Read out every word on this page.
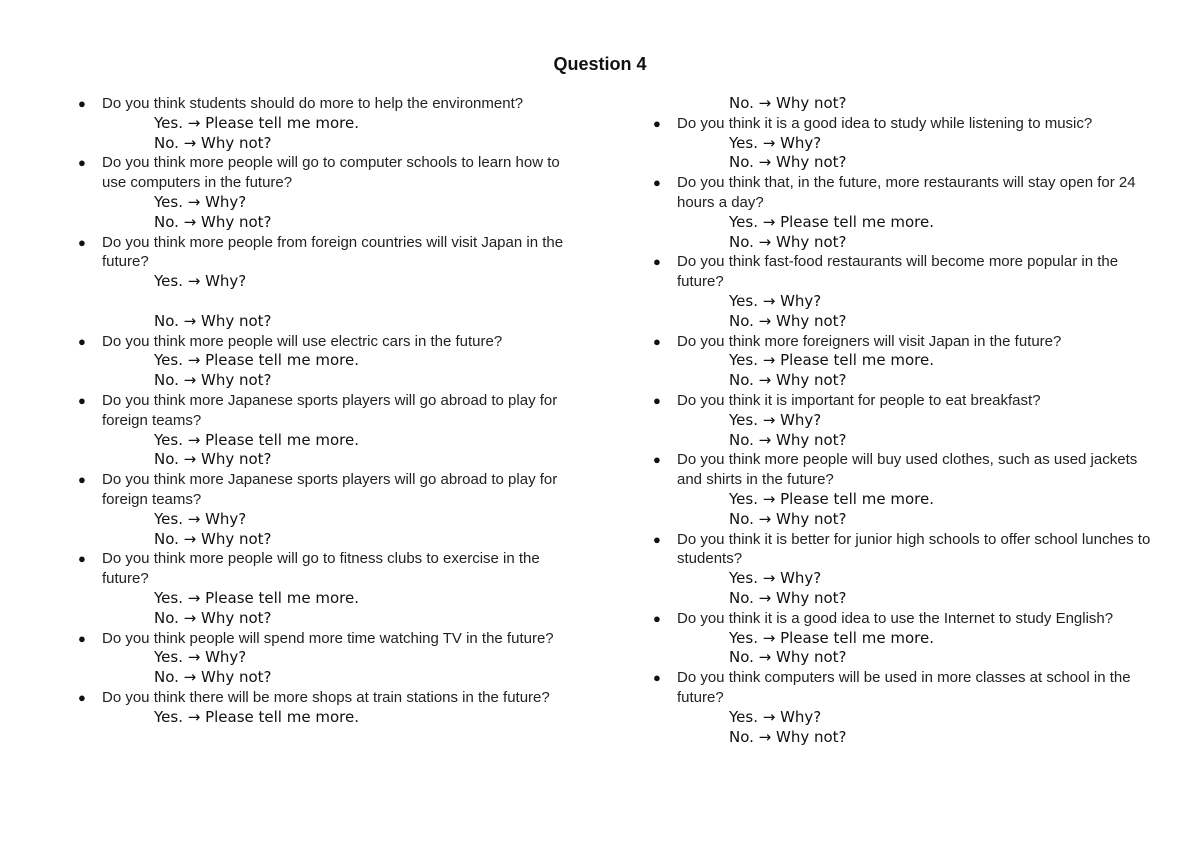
Question 4
● Do you think students should do more to help the environment?
Yes. → Please tell me more.
No. → Why not?
● Do you think more people will go to computer schools to learn how to use computers in the future?
Yes. → Why?
No. → Why not?
● Do you think more people from foreign countries will visit Japan in the future?
Yes. → Why?
No. → Why not?
● Do you think more people will use electric cars in the future?
Yes. → Please tell me more.
No. → Why not?
● Do you think more Japanese sports players will go abroad to play for foreign teams?
Yes. → Please tell me more.
No. → Why not?
● Do you think more Japanese sports players will go abroad to play for foreign teams?
Yes. → Why?
No. → Why not?
● Do you think more people will go to fitness clubs to exercise in the future?
Yes. → Please tell me more.
No. → Why not?
● Do you think people will spend more time watching TV in the future?
Yes. → Why?
No. → Why not?
● Do you think there will be more shops at train stations in the future?
Yes. → Please tell me more.
No. → Why not?
● Do you think it is a good idea to study while listening to music?
Yes. → Why?
No. → Why not?
● Do you think that, in the future, more restaurants will stay open for 24 hours a day?
Yes. → Please tell me more.
No. → Why not?
● Do you think fast-food restaurants will become more popular in the future?
Yes. → Why?
No. → Why not?
● Do you think more foreigners will visit Japan in the future?
Yes. → Please tell me more.
No. → Why not?
● Do you think it is important for people to eat breakfast?
Yes. → Why?
No. → Why not?
● Do you think more people will buy used clothes, such as used jackets and shirts in the future?
Yes. → Please tell me more.
No. → Why not?
● Do you think it is better for junior high schools to offer school lunches to students?
Yes. → Why?
No. → Why not?
● Do you think it is a good idea to use the Internet to study English?
Yes. → Please tell me more.
No. → Why not?
● Do you think computers will be used in more classes at school in the future?
Yes. → Why?
No. → Why not?
